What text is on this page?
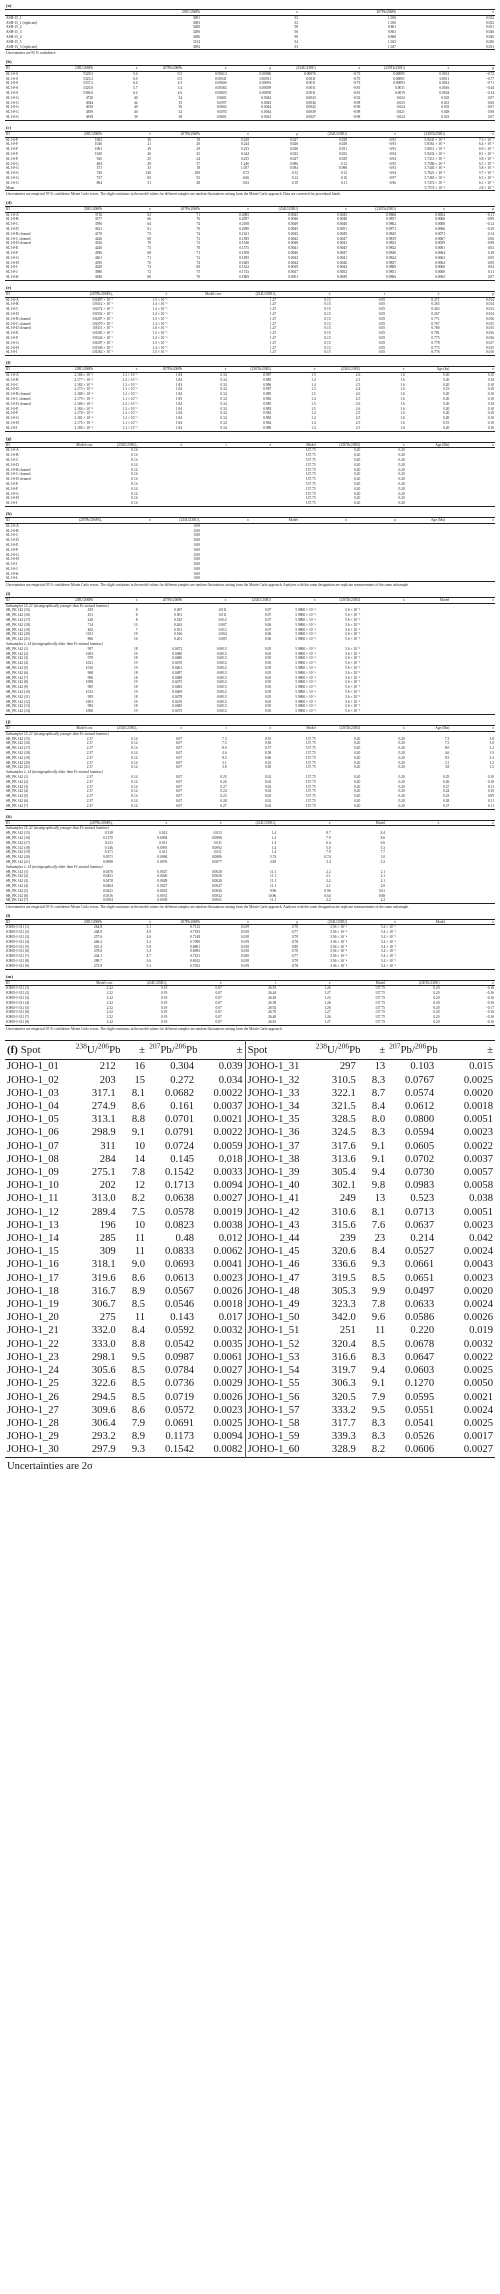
(a)
	238U/206Pb	±	207Pb/206Pb	±
ASH-15_1	3081	53	1.056	0.032
ASH-15_1 (replicate)	3083	52	1.056	0.032
ASH-15_2	3280	58	0.861	0.031
ASH-15_3	3286	56	0.863	0.026
ASH-15_4	3286	58	0.860	0.026
ASH-15_5	3134	54	1.023	0.026
ASH-15_5 (replicate)	3094	53	1.047	0.031
Uncertainties are 95 % confidence
(b)
ID	238U/206Pb	±	207Pb/206Pb	±	ρ	(234U/238U)	±	(230Th/238U)	±	ρ
SL1-0-S	5328.3	5.4	0.5	0.05613	0.00060	0.00076	-0.73	0.00095	0.0012	-0.72
SL1-0-S	5325.2	6.0	0.5	0.05541	0.00011	0.0011	-0.79	0.00091	0.0011	-0.77
SL1-0-S	5337.2	6.4	4.5	0.05606	0.00091	0.0011	-0.79	0.00093	0.0012	-0.71
SL1-0-S	5320.0	5.7	5.4	0.05582	0.00059	0.0011	-0.81	0.0011	0.0016	-0.44
SL1-0-S	5386.0	6.2	4.6	0.05603	0.00059	0.0011	-0.81	0.0019	0.0024	-0.14
SL1-0-G	4720	40	34	0.0601	0.0042	0.0043	-0.92	0.024	0.025	0.07
SL1-0-G	4944	42	35	0.0597	0.0043	0.0046	-0.98	0.023	0.021	0.06
SL1-0-G	4910	40	36	0.0602	0.0044	0.0042	-0.96	0.024	0.033	0.07
SL1-0-G	4839	40	32	0.0593	0.0044	0.0049	-0.98	0.021	0.028	0.08
SL1-0-G	4818	39	38	0.0601	0.0041	0.0047	-0.98	0.024	0.023	0.07
(c)
ID	238U/206Pb	±	207Pb/206Pb	±	ρ	(234U/238U)	±	(230Th/238U)	±
SL1-0-F	1002	20	18	0.249	0.027	0.028	-0.93	5.9241 × 10⁻⁴	7.5 × 10⁻⁵
SL1-0-F	1026	21	20	0.244	0.026	0.028	-0.93	5.8361 × 10⁻⁴	6.4 × 10⁻⁵
SL1-0-F	1061	29	29	0.233	0.026	0.031	-0.93	5.9011 × 10⁻⁴	6.9 × 10⁻⁵
SL1-0-F	1020	30	25	0.244	0.023	0.025	-0.94	5.9432 × 10⁻⁴	8.1 × 10⁻⁵
SL1-0-F	945	25	24	0.255	0.027	0.029	-0.94	5.7311 × 10⁻⁴	5.8 × 10⁻⁵
SL1-0-G	484	49	37	1.246	0.086	0.12	-0.95	5.7586 × 10⁻⁴	6.5 × 10⁻⁵
SL1-0-G	371	33	18	1.057	0.094	0.098	-0.93	5.7403 × 10⁻⁴	5.8 × 10⁻⁵
SL1-0-G	740	140	100	0.72	0.12	0.12	-0.94	5.7621 × 10⁻⁴	5.7 × 10⁻⁵
SL1-0-G	727	65	55	0.66	0.12	0.10	-0.97	5.7465 × 10⁻⁴	6.3 × 10⁻⁵
SL1-0-G	804	51	48	0.63	0.10	0.11	-0.96	5.7472 × 10⁻⁴	6.1 × 10⁻⁵
Mean								5.7574 × 10⁻⁴	2.8 × 10⁻⁵
Uncertainties are empirical 95 % confidence Monte Carlo errors. The slight variations in the model values for different samples are random fluctuations arising from the Monte Carlo approach. Data are corrected for procedural blank.
(d)
ID	238U/206Pb	±	207Pb/206Pb	±	(234U/238U)	±	(230Th/238U)	±	ρ
SL1-0-A	3716	63	71	0.2085	0.0043	0.0045	0.9868	0.0064	-0.11
SL1-0-B	3577	66	76	0.2097	0.0046	0.0048	0.9857	0.0066	-0.09
SL1-0-C	3590	64	74	0.2108	0.0049	0.0046	0.9862	0.0068	-0.12
SL1-0-D	3621	61	70	0.2090	0.0045	0.0051	0.9871	0.0066	-0.10
SL1-0-B cleaned	4170	75	74	0.1621	0.0045	0.0049	0.9845	0.0071	0.14
SL1-0-C cleaned	4246	69	73	0.1585	0.0042	0.0047	0.9819	0.0067	0.06
SL1-0-D cleaned	4326	70	72	0.1540	0.0048	0.0043	0.9852	0.0059	0.08
SL1-0-E	4240	73	70	0.1575	0.0041	0.0045	0.9832	0.0061	0.03
SL1-0-F	4396	68	71	0.1508	0.0046	0.0047	0.9840	0.0064	0.10
SL1-0-G	4401	71	72	0.1495	0.0042	0.0041	0.9824	0.0063	0.05
SL1-0-H	4190	70	74	0.1605	0.0044	0.0046	0.9837	0.0064	0.09
SL1-0-I	4320	74	69	0.1522	0.0039	0.0044	0.9860	0.0066	0.04
SL1-0-J	3980	72	75	0.1743	0.0047	0.0052	0.9851	0.0060	0.11
SL1-0-K	3840	66	70	0.1869	0.0051	0.0049	0.9866	0.0065	0.07
(e)
ID	(207Pb/206Pb)₀	±	Model corr.	(234U/238U)₀	±	t	±	ρ
SL1-0-A	0.8497 × 10⁻²	1.5 × 10⁻³		1.47	0.15	0.05	0.271	0.014
SL1-0-B	0.8312 × 10⁻²	1.4 × 10⁻³		1.47	0.15	0.05	0.265	0.014
SL1-0-C	0.8274 × 10⁻²	1.4 × 10⁻³		1.47	0.15	0.05	0.263	0.013
SL1-0-D	0.8352 × 10⁻²	1.4 × 10⁻³		1.47	0.15	0.05	0.267	0.014
SL1-0-B cleaned	0.8207 × 10⁻²	1.5 × 10⁻³		1.47	0.15	0.05	0.771	0.016
SL1-0-C cleaned	0.8270 × 10⁻²	1.4 × 10⁻³		1.47	0.15	0.05	0.767	0.015
SL1-0-D cleaned	0.8311 × 10⁻²	1.6 × 10⁻³		1.47	0.15	0.05	0.780	0.015
SL1-0-E	0.8283 × 10⁻²	1.5 × 10⁻³		1.47	0.15	0.05	0.781	0.016
SL1-0-F	0.8324 × 10⁻²	1.4 × 10⁻³		1.47	0.15	0.05	0.775	0.016
SL1-0-G	0.8297 × 10⁻²	1.5 × 10⁻³		1.47	0.15	0.05	0.778	0.017
SL1-0-H	0.8336 × 10⁻²	1.4 × 10⁻³		1.47	0.15	0.05	0.773	0.015
SL1-0-I	0.8262 × 10⁻²	1.5 × 10⁻³		1.47	0.15	0.05	0.776	0.016
(f)
ID	238U/206Pb	±	207Pb/206Pb	±	(230Th/238U)	±	(234U/238U)	±	Age (ka)	±
SL1-0-A	2.186 × 10⁻⁴	1.2 × 10⁻⁵	1.84	0.34	0.987	1.5	2.6	1.6	0.20	0.10
SL1-0-B	2.177 × 10⁻⁴	1.2 × 10⁻⁵	1.84	0.34	0.985	1.4	2.5	1.6	0.20	0.10
SL1-0-C	2.182 × 10⁻⁴	1.2 × 10⁻⁵	1.83	0.34	0.986	1.4	2.5	1.6	0.20	0.10
SL1-0-D	2.173 × 10⁻⁴	1.1 × 10⁻⁵	1.84	0.34	0.987	1.3	2.4	1.6	0.19	0.10
SL1-0-B cleaned	2.188 × 10⁻⁴	1.2 × 10⁻⁵	1.84	0.34	0.985	1.5	2.6	1.6	0.20	0.10
SL1-0-C cleaned	2.179 × 10⁻⁴	1.1 × 10⁻⁵	1.85	0.34	0.982	1.4	2.5	1.6	0.20	0.10
SL1-0-D cleaned	2.186 × 10⁻⁴	1.2 × 10⁻⁵	1.84	0.34	0.985	1.5	2.6	1.6	0.20	0.10
SL1-0-E	2.184 × 10⁻⁴	1.2 × 10⁻⁵	1.84	0.34	0.983	1.5	2.6	1.6	0.20	0.10
SL1-0-F	2.178 × 10⁻⁴	1.2 × 10⁻⁵	1.84	0.34	0.984	1.4	2.5	1.6	0.20	0.10
SL1-0-G	2.181 × 10⁻⁴	1.2 × 10⁻⁵	1.84	0.34	0.982	1.4	2.5	1.6	0.20	0.10
SL1-0-H	2.175 × 10⁻⁴	1.1 × 10⁻⁵	1.84	0.34	0.984	1.4	2.5	1.6	0.19	0.10
SL1-0-I	2.180 × 10⁻⁴	1.2 × 10⁻⁵	1.84	0.34	0.986	1.4	2.5	1.6	0.20	0.10
(g)
ID	Model corr.	(234U/238U)₀	±	t	±	Model	(230Th/238U)	±	Age (Ma)	±
SL1-0-A		0.14				137.75	0.20	0.20		
SL1-0-B		0.14				137.75	0.20	0.20		
SL1-0-C		0.14				137.75	0.20	0.20		
SL1-0-D		0.14				137.75	0.20	0.20		
SL1-0-B cleaned		0.14				137.75	0.20	0.20		
SL1-0-C cleaned		0.14				137.75	0.20	0.20		
SL1-0-D cleaned		0.14				137.75	0.20	0.20		
SL1-0-E		0.14				137.75	0.20	0.20		
SL1-0-F		0.14				137.75	0.20	0.20		
SL1-0-G		0.14				137.75	0.20	0.20		
SL1-0-H		0.14				137.75	0.20	0.20		
SL1-0-I		0.14				137.75	0.20	0.20		
(h)
ID	(207Pb/206Pb)₀	±	(234U/238U)₀	±	Model	±	ρ	Age (Ma)	±
SL1-0-A			0.00						
SL1-0-B			0.00						
SL1-0-C			0.00						
SL1-0-D			0.00						
SL1-0-E			0.00						
SL1-0-F			0.00						
SL1-0-G			0.00						
SL1-0-H			0.00						
SL1-0-I			0.00						
SL1-0-J			0.00						
SL1-0-K			0.00						
SL1-0-L			0.00						
Uncertainties are empirical 95 % confidence Monte Carlo errors. The slight variations in the model values for different samples are random fluctuations arising from the Monte Carlo approach. Analyses with the same designation are replicate measurements of the same subsample.
(i)
ID	238U/206Pb	±	207Pb/206Pb	±	(234U/238U)	±	(230Th/238U)	±	Model	±
Subsamples 15–21 (stratigraphically younger than Fe stained laminae)										
SB_PK 142 (15)	455	8	0.497	0.011	0.07	5.9800 × 10⁻⁴	5.6 × 10⁻⁵			
SB_PK 142 (16)	451	8	0.501	0.011	0.07	5.9800 × 10⁻⁴	5.6 × 10⁻⁵			
SB_PK 142 (17)	420	8	0.525	0.012	0.07	5.9800 × 10⁻⁴	5.6 × 10⁻⁵			
SB_PK 142 (18)	714	13	0.263	0.007	0.06	5.9800 × 10⁻⁴	5.6 × 10⁻⁵			
SB_PK 142 (19)	402	7	0.551	0.012	0.07	5.9800 × 10⁻⁴	5.6 × 10⁻⁵			
SB_PK 142 (20)	1011	19	0.166	0.004	0.06	5.9800 × 10⁻⁴	5.6 × 10⁻⁵			
SB_PK 142 (21)	866	16	0.201	0.005	0.06	5.9800 × 10⁻⁴	5.6 × 10⁻⁵			
Subsamples 1–14 (stratigraphically older than Fe stained laminae)										
SB_PK 142 (1)	997	18	0.0472	0.0013	0.05	5.9800 × 10⁻⁴	5.6 × 10⁻⁵			
SB_PK 142 (2)	1003	19	0.0480	0.0012	0.05	5.9800 × 10⁻⁴	5.6 × 10⁻⁵			
SB_PK 142 (3)	979	18	0.0486	0.0013	0.05	5.9800 × 10⁻⁴	5.6 × 10⁻⁵			
SB_PK 142 (4)	1021	19	0.0470	0.0012	0.05	5.9800 × 10⁻⁴	5.6 × 10⁻⁵			
SB_PK 142 (5)	1016	19	0.0461	0.0012	0.05	5.9800 × 10⁻⁴	5.6 × 10⁻⁵			
SB_PK 142 (6)	968	18	0.0497	0.0013	0.05	5.9800 × 10⁻⁴	5.6 × 10⁻⁵			
SB_PK 142 (7)	990	18	0.0488	0.0013	0.05	5.9800 × 10⁻⁴	5.6 × 10⁻⁵			
SB_PK 142 (8)	1008	19	0.0475	0.0012	0.05	5.9800 × 10⁻⁴	5.6 × 10⁻⁵			
SB_PK 142 (9)	985	18	0.0483	0.0013	0.05	5.9800 × 10⁻⁴	5.6 × 10⁻⁵			
SB_PK 142 (10)	1012	19	0.0469	0.0012	0.05	5.9800 × 10⁻⁴	5.6 × 10⁻⁵			
SB_PK 142 (11)	995	18	0.0478	0.0013	0.05	5.9800 × 10⁻⁴	5.6 × 10⁻⁵			
SB_PK 142 (12)	1001	19	0.0476	0.0012	0.05	5.9800 × 10⁻⁴	5.6 × 10⁻⁵			
SB_PK 142 (13)	983	18	0.0485	0.0013	0.05	5.9800 × 10⁻⁴	5.6 × 10⁻⁵			
SB_PK 142 (14)	1006	19	0.0473	0.0012	0.05	5.9800 × 10⁻⁴	5.6 × 10⁻⁵			
(j)
ID	Model corr.	(234U/238U)₀	±	t	±	Model	(230Th/238U)	±	Age (Ma)	±
Subsamples 15–21 (stratigraphically younger than Fe stained laminae)										
SB_PK 142 (15)	2.37	0.14	0.07	7.3	0.55	137.75	0.20	0.20	7.3	3.0
SB_PK 142 (16)	2.37	0.14	0.07	7.5	0.56	137.75	0.20	0.20	7.5	3.0
SB_PK 142 (17)	2.37	0.14	0.07	8.0	0.57	137.75	0.20	0.20	8.0	3.2
SB_PK 142 (18)	2.37	0.14	0.07	4.6	0.38	137.75	0.20	0.20	4.6	1.9
SB_PK 142 (19)	2.37	0.14	0.07	8.5	0.60	137.75	0.20	0.20	8.5	3.3
SB_PK 142 (20)	2.37	0.14	0.07	3.1	0.25	137.75	0.20	0.20	3.1	1.2
SB_PK 142 (21)	2.37	0.14	0.07	3.8	0.30	137.75	0.20	0.20	3.8	1.5
Subsamples 1–14 (stratigraphically older than Fe stained laminae)										
SB_PK 142 (1)	2.37	0.14	0.07	0.25	0.02	137.75	0.20	0.20	0.25	0.10
SB_PK 142 (2)	2.37	0.14	0.07	0.26	0.02	137.75	0.20	0.20	0.26	0.10
SB_PK 142 (3)	2.37	0.14	0.07	0.27	0.02	137.75	0.20	0.20	0.27	0.11
SB_PK 142 (4)	2.37	0.14	0.07	0.24	0.02	137.75	0.20	0.20	0.24	0.10
SB_PK 142 (5)	2.37	0.14	0.07	0.23	0.02	137.75	0.20	0.20	0.23	0.09
SB_PK 142 (6)	2.37	0.14	0.07	0.28	0.02	137.75	0.20	0.20	0.28	0.11
SB_PK 142 (7)	2.37	0.14	0.07	0.27	0.02	137.75	0.20	0.20	0.27	0.11
(k)
ID	(207Pb/206Pb)₀	±	±	(234U/238U)₀	±	Model	±	±
Subsamples 15–21 (stratigraphically younger than Fe stained laminae)								
SB_PK 142 (15)	0.318	0.012	0.013	1.4	8.7	8.4		
SB_PK 142 (16)	0.1170	0.0094	0.0096	1.4	7.9	8.6		
SB_PK 142 (17)	0.211	0.011	0.011	1.4	6.4	6.6		
SB_PK 142 (18)	0.146	0.0091	0.0092	1.4	5.0	5.3		
SB_PK 142 (19)	0.271	0.011	0.011	1.4	7.9	7.7		
SB_PK 142 (20)	0.0571	0.0084	0.0086	5.74	0.74	1.0		
SB_PK 142 (21)	0.0998	0.0076	0.0077	3.85	3.4	3.2		
Subsamples 1–14 (stratigraphically older than Fe stained laminae)								
SB_PK 142 (1)	0.0476	0.0027	0.0028	11.1	2.2	2.1		
SB_PK 142 (2)	0.0431	0.0026	0.0026	11.1	2.1	2.1		
SB_PK 142 (3)	0.0478	0.0028	0.0028	11.1	2.2	2.1		
SB_PK 142 (4)	0.0464	0.0027	0.0027	11.1	2.1	2.0		
SB_PK 142 (5)	0.0421	0.0025	0.0026	9.96	0.96	0.61		
SB_PK 142 (6)	0.0516	0.0031	0.0032	10.86	0.64	0.68		
SB_PK 142 (7)	0.0504	0.0030	0.0031	11.1	2.2	2.2		
Uncertainties are empirical 95 % confidence Monte Carlo errors. The slight variations in the model values for different samples are random fluctuations arising from the Monte Carlo approach. Analyses with the same designation are replicate measurements of the same subsample.
(l)
ID	238U/206Pb	±	207Pb/206Pb	±	ρ	(234U/238U)	±	Model	±
JOHO-I-311 (1)	264.8	5.1	0.7112	0.019	0.78	3.56 × 10⁻⁴	5.4 × 10⁻⁵		
JOHO-I-311 (2)	248.0	4.9	0.7193	0.019	0.77	3.56 × 10⁻⁴	5.4 × 10⁻⁵		
JOHO-I-311 (3)	257.6	4.6	0.7148	0.018	0.79	3.56 × 10⁻⁴	5.4 × 10⁻⁵		
JOHO-I-311 (4)	266.2	5.2	0.7090	0.019	0.78	3.56 × 10⁻⁴	5.4 × 10⁻⁵		
JOHO-I-311 (5)	301.4	5.8	0.6801	0.018	0.80	3.56 × 10⁻⁴	5.4 × 10⁻⁵		
JOHO-I-311 (6)	278.0	5.4	0.6993	0.018	0.78	3.56 × 10⁻⁴	5.4 × 10⁻⁵		
JOHO-I-311 (7)	244.1	4.7	0.7231	0.020	0.77	3.56 × 10⁻⁴	5.4 × 10⁻⁵		
JOHO-I-311 (8)	289.7	5.6	0.6912	0.018	0.79	3.56 × 10⁻⁴	5.4 × 10⁻⁵		
JOHO-I-311 (9)	272.9	5.3	0.7032	0.019	0.78	3.56 × 10⁻⁴	5.4 × 10⁻⁵		
(m)
ID	Model corr.	(234U/238U)₀	±	t	±	Model	(230Th/238U)	±
JOHO-I-311 (1)	2.32	0.19	0.07	26.55	1.26	137.75	0.20	-0.16
JOHO-I-311 (2)	2.32	0.19	0.07	26.44	1.27	137.75	0.20	-0.16
JOHO-I-311 (3)	2.32	0.19	0.07	26.49	1.25	137.75	0.20	-0.16
JOHO-I-311 (4)	2.32	0.19	0.07	26.58	1.26	137.75	0.20	-0.16
JOHO-I-311 (5)	2.32	0.19	0.07	26.92	1.28	137.75	0.20	-0.17
JOHO-I-311 (6)	2.32	0.19	0.07	26.70	1.27	137.75	0.20	-0.16
JOHO-I-311 (7)	2.32	0.19	0.07	26.40	1.26	137.75	0.20	-0.16
JOHO-I-311 (8)	2.32	0.19	0.07	26.81	1.27	137.75	0.20	-0.16
Uncertainties are empirical 95 % confidence Monte Carlo errors. The slight variations in the model values for different samples are random fluctuations arising from the Monte Carlo approach.
(f) Spot	$^{238}$U/$^{206}$Pb	±	$^{207}$Pb/$^{206}$Pb	±	Spot	$^{238}$U/$^{206}$Pb	±	$^{207}$Pb/$^{206}$Pb	±
JOHO-1_01	212	16	0.304	0.039	JOHO-1_31	297	13	0.103	0.015
JOHO-1_02	203	15	0.272	0.034	JOHO-1_32	310.5	8.3	0.0767	0.0025
JOHO-1_03	317.1	8.1	0.0682	0.0022	JOHO-1_33	322.1	8.7	0.0574	0.0020
JOHO-1_04	274.9	8.6	0.161	0.0037	JOHO-1_34	321.5	8.4	0.0612	0.0018
JOHO-1_05	313.1	8.8	0.0701	0.0021	JOHO-1_35	328.5	8.0	0.0800	0.0051
JOHO-1_06	298.9	9.1	0.0791	0.0022	JOHO-1_36	324.5	8.3	0.0594	0.0023
JOHO-1_07	311	10	0.0724	0.0059	JOHO-1_37	317.6	9.1	0.0605	0.0022
JOHO-1_08	284	14	0.145	0.018	JOHO-1_38	313.6	9.1	0.0702	0.0037
JOHO-1_09	275.1	7.8	0.1542	0.0033	JOHO-1_39	305.4	9.4	0.0730	0.0057
JOHO-1_10	202	12	0.1713	0.0094	JOHO-1_40	302.1	9.8	0.0983	0.0058
JOHO-1_11	313.0	8.2	0.0638	0.0027	JOHO-1_41	249	13	0.523	0.038
JOHO-1_12	289.4	7.5	0.0578	0.0019	JOHO-1_42	310.6	8.1	0.0713	0.0051
JOHO-1_13	196	10	0.0823	0.0038	JOHO-1_43	315.6	7.6	0.0637	0.0023
JOHO-1_14	285	11	0.48	0.012	JOHO-1_44	239	23	0.214	0.042
JOHO-1_15	309	11	0.0833	0.0062	JOHO-1_45	320.6	8.4	0.0527	0.0024
JOHO-1_16	318.1	9.0	0.0693	0.0041	JOHO-1_46	336.6	9.3	0.0661	0.0043
JOHO-1_17	319.6	8.6	0.0613	0.0023	JOHO-1_47	319.5	8.5	0.0651	0.0023
JOHO-1_18	316.7	8.9	0.0567	0.0026	JOHO-1_48	305.3	9.9	0.0497	0.0020
JOHO-1_19	306.7	8.5	0.0546	0.0018	JOHO-1_49	323.3	7.8	0.0633	0.0024
JOHO-1_20	275	11	0.143	0.017	JOHO-1_50	342.0	9.6	0.0586	0.0026
JOHO-1_21	332.0	8.4	0.0592	0.0032	JOHO-1_51	251	11	0.220	0.019
JOHO-1_22	333.0	8.8	0.0542	0.0035	JOHO-1_52	320.4	8.5	0.0678	0.0032
JOHO-1_23	298.1	9.5	0.0987	0.0061	JOHO-1_53	316.6	8.3	0.0647	0.0022
JOHO-1_24	305.6	8.5	0.0784	0.0027	JOHO-1_54	319.7	9.4	0.0603	0.0025
JOHO-1_25	322.6	8.5	0.0736	0.0029	JOHO-1_55	306.3	9.1	0.1270	0.0050
JOHO-1_26	294.5	8.5	0.0719	0.0026	JOHO-1_56	320.5	7.9	0.0595	0.0021
JOHO-1_27	309.6	8.6	0.0572	0.0023	JOHO-1_57	333.2	9.5	0.0551	0.0024
JOHO-1_28	306.4	7.9	0.0691	0.0025	JOHO-1_58	317.7	8.3	0.0541	0.0025
JOHO-1_29	293.2	8.9	0.1173	0.0094	JOHO-1_59	339.3	8.3	0.0526	0.0017
JOHO-1_30	297.9	9.3	0.1542	0.0082	JOHO-1_60	328.9	8.2	0.0606	0.0027
Uncertainties are 2σ
